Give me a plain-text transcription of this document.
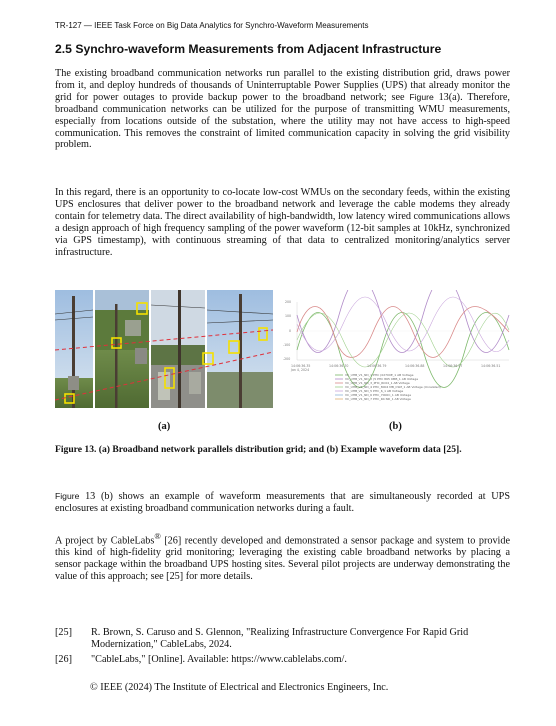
TR-127 — IEEE Task Force on Big Data Analytics for Synchro-Waveform Measurements
2.5 Synchro-waveform Measurements from Adjacent Infrastructure

The existing broadband communication networks run parallel to the existing distribution grid, draws power from it, and deploy hundreds of thousands of Uninterruptable Power Supplies (UPS) that already monitor the grid for power outages to provide backup power to the broadband network; see Figure 13(a). Therefore, broadband communication networks can be utilized for the purpose of transmitting WMU measurements, especially from locations outside of the substation, where the utility may not have access to high-speed communication. This removes the constraint of limited communication capacity in solving the grid visibility problem.

In this regard, there is an opportunity to co-locate low-cost WMUs on the secondary feeds, within the existing UPS enclosures that deliver power to the broadband network and leverage the cable modems they already contain for telemetry data. The direct availability of high-bandwidth, low latency wired communications allows a design approach of high frequency sampling of the power waveform (12-bit samples at 10kHz, synchronized via GPS timestamp), with continuous streaming of that data to centralized monitoring/analytics server infrastructure.

200
100
0
-100
-200
14:06:36.35	14:06:36.70	14:06:36.79	14:06:36.88	14:06:36.97	14:06:36.51
Jan 4, 2024
VC_UHB_V1_ND_1 PHC (02700E_1 AB Voltage
VC_UHB_V1_ND_2 (5 PHC 865 9MB_1 AB Voltage
VC_UHB_V1_ND_3_PHC_RC04_1 AB Voltage
VC_UHB_V1_ND_4 PHC_8004 MB_CSM_1 AB Voltage (Unrelated)
VC_UHB_V1_ND_5 PHC_6_1 AB Voltage
VC_UHB_V1_ND_6 PHC_7000C_1 AB Voltage
VC_UHB_V1_ND_7 PHC_R4 ND_1 AB Voltage
(a)	(b)
Figure 13. (a) Broadband network parallels distribution grid; and (b) Example waveform data [25].

Figure 13 (b) shows an example of waveform measurements that are simultaneously recorded at UPS enclosures at existing broadband communication networks during a fault.

A project by CableLabs® [26] recently developed and demonstrated a sensor package and system to provide this kind of high-fidelity grid monitoring; leveraging the existing cable broadband networks by placing a sensor package within the broadband UPS hosting sites. Several pilot projects are underway demonstrating the value of this approach; see [25] for more details.

[25]	R. Brown, S. Caruso and S. Glennon, "Realizing Infrastructure Convergence For Rapid Grid Modernization," CableLabs, 2024.
[26]	"CableLabs," [Online]. Available: https://www.cablelabs.com/.
© IEEE (2024) The Institute of Electrical and Electronics Engineers, Inc.
